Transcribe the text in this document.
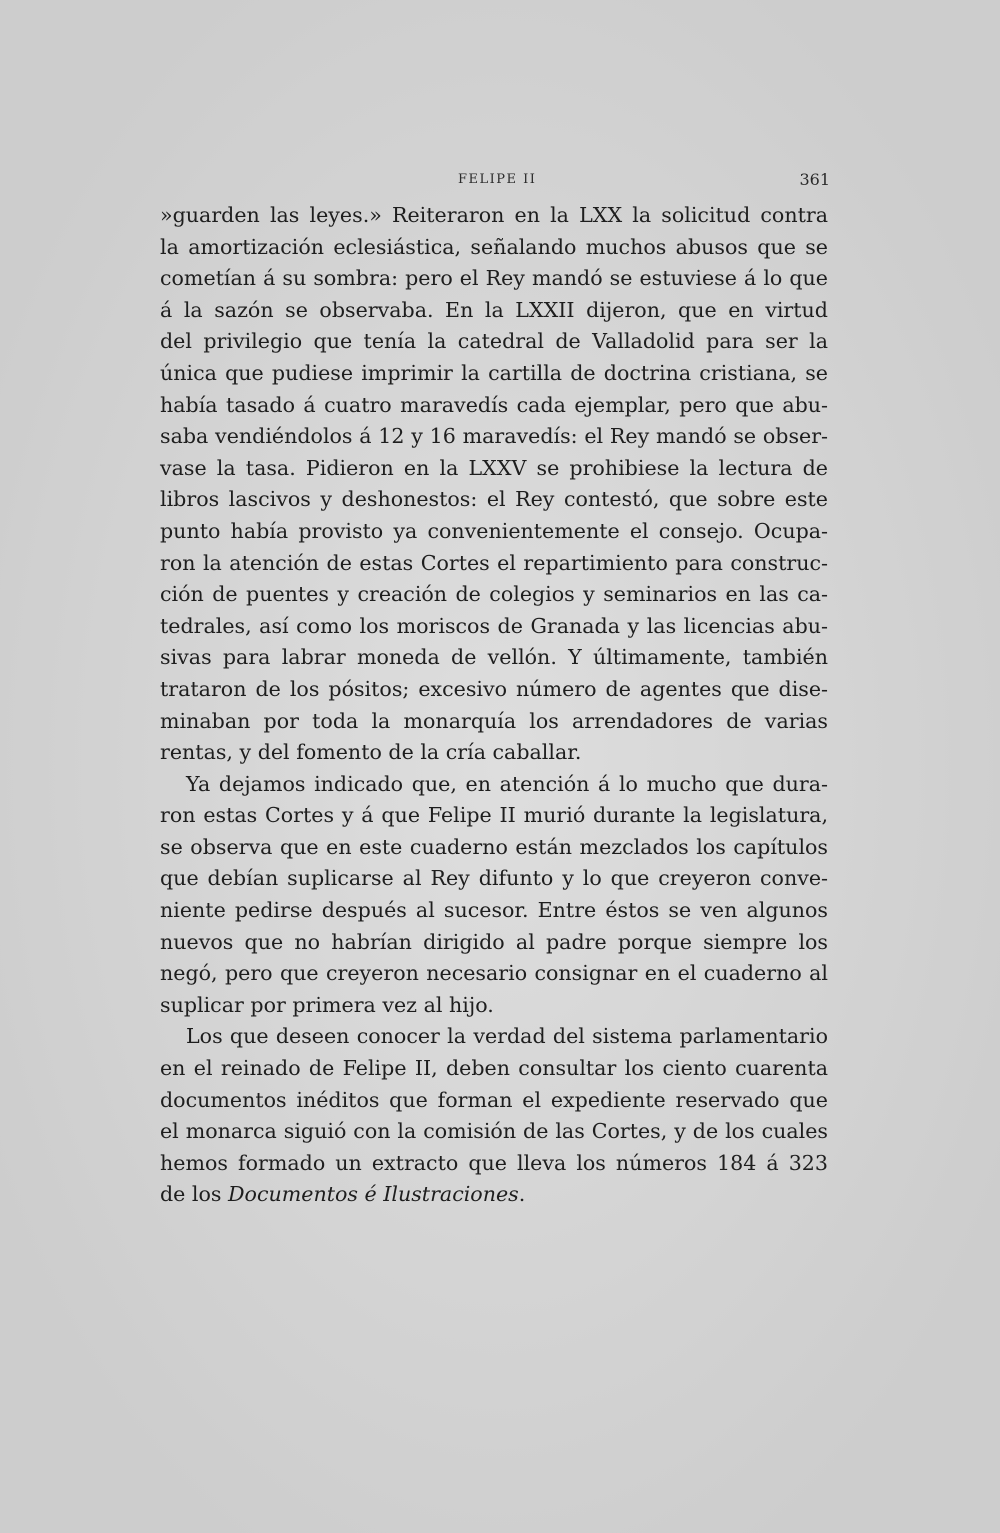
FELIPE II	361
»guarden las leyes.» Reiteraron en la LXX la solicitud contra
la amortización eclesiástica, señalando muchos abusos que se
cometían á su sombra: pero el Rey mandó se estuviese á lo que
á la sazón se observaba. En la LXXII dijeron, que en virtud
del privilegio que tenía la catedral de Valladolid para ser la
única que pudiese imprimir la cartilla de doctrina cristiana, se
había tasado á cuatro maravedís cada ejemplar, pero que abu-
saba vendiéndolos á 12 y 16 maravedís: el Rey mandó se obser-
vase la tasa. Pidieron en la LXXV se prohibiese la lectura de
libros lascivos y deshonestos: el Rey contestó, que sobre este
punto había provisto ya convenientemente el consejo. Ocupa-
ron la atención de estas Cortes el repartimiento para construc-
ción de puentes y creación de colegios y seminarios en las ca-
tedrales, así como los moriscos de Granada y las licencias abu-
sivas para labrar moneda de vellón. Y últimamente, también
trataron de los pósitos; excesivo número de agentes que dise-
minaban por toda la monarquía los arrendadores de varias
rentas, y del fomento de la cría caballar.
Ya dejamos indicado que, en atención á lo mucho que dura-
ron estas Cortes y á que Felipe II murió durante la legislatura,
se observa que en este cuaderno están mezclados los capítulos
que debían suplicarse al Rey difunto y lo que creyeron conve-
niente pedirse después al sucesor. Entre éstos se ven algunos
nuevos que no habrían dirigido al padre porque siempre los
negó, pero que creyeron necesario consignar en el cuaderno al
suplicar por primera vez al hijo.
Los que deseen conocer la verdad del sistema parlamentario
en el reinado de Felipe II, deben consultar los ciento cuarenta
documentos inéditos que forman el expediente reservado que
el monarca siguió con la comisión de las Cortes, y de los cuales
hemos formado un extracto que lleva los números 184 á 323
de los Documentos é Ilustraciones.
